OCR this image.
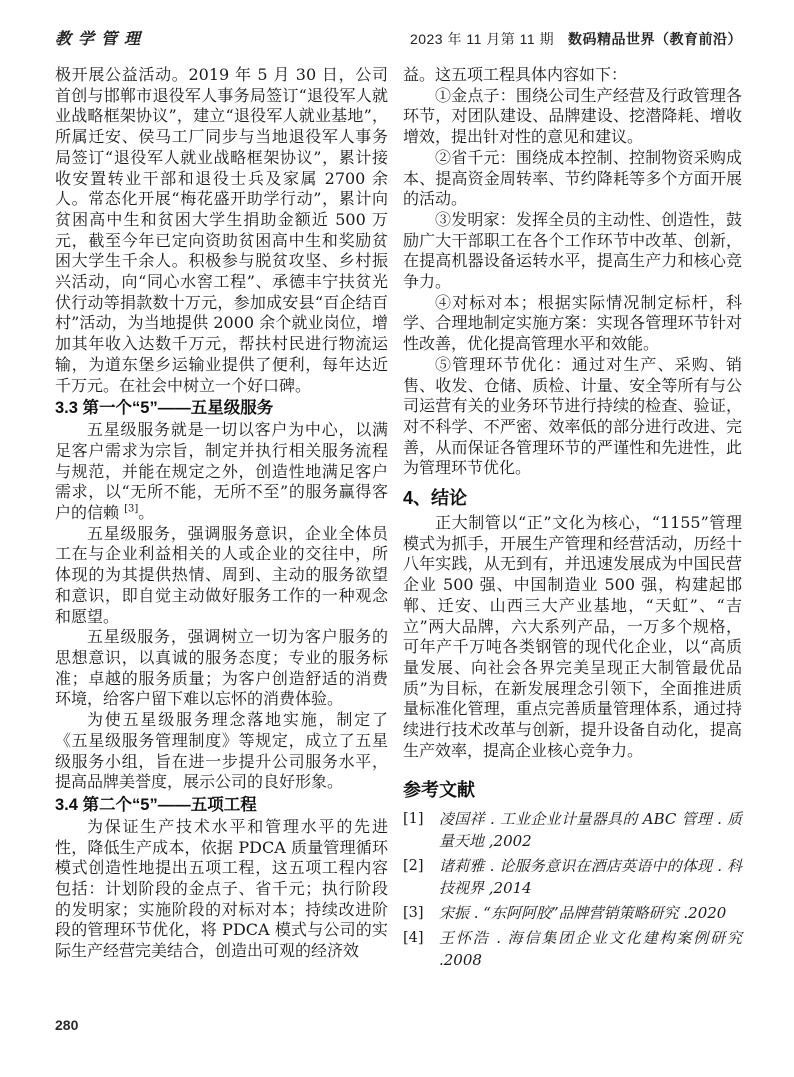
教学管理	2023 年 11 月第 11 期 数码精品世界（教育前沿）

极开展公益活动。2019 年 5 月 30 日，公司首创与邯郸市退役军人事务局签订“退役军人就业战略框架协议”，建立“退役军人就业基地”，所属迁安、侯马工厂同步与当地退役军人事务局签订“退役军人就业战略框架协议”，累计接收安置转业干部和退役士兵及家属 2700 余人。常态化开展“梅花盛开助学行动”，累计向贫困高中生和贫困大学生捐助金额近 500 万元，截至今年已定向资助贫困高中生和奖励贫困大学生千余人。积极参与脱贫攻坚、乡村振兴活动，向“同心水窖工程”、承德丰宁扶贫光伏行动等捐款数十万元，参加成安县“百企结百村”活动，为当地提供 2000 余个就业岗位，增加其年收入达数千万元，帮扶村民进行物流运输，为道东堡乡运输业提供了便利，每年达近千万元。在社会中树立一个好口碑。

3.3 第一个“5”——五星级服务

五星级服务就是一切以客户为中心，以满足客户需求为宗旨，制定并执行相关服务流程与规范，并能在规定之外，创造性地满足客户需求，以“无所不能，无所不至”的服务赢得客户的信赖 [3]。

五星级服务，强调服务意识，企业全体员工在与企业利益相关的人或企业的交往中，所体现的为其提供热情、周到、主动的服务欲望和意识，即自觉主动做好服务工作的一种观念和愿望。

五星级服务，强调树立一切为客户服务的思想意识，以真诚的服务态度；专业的服务标准；卓越的服务质量；为客户创造舒适的消费环境，给客户留下难以忘怀的消费体验。

为使五星级服务理念落地实施，制定了《五星级服务管理制度》等规定，成立了五星级服务小组，旨在进一步提升公司服务水平，提高品牌美誉度，展示公司的良好形象。

3.4 第二个“5”——五项工程

为保证生产技术水平和管理水平的先进性，降低生产成本，依据 PDCA 质量管理循环模式创造性地提出五项工程，这五项工程内容包括：计划阶段的金点子、省千元；执行阶段的发明家；实施阶段的对标对本；持续改进阶段的管理环节优化，将 PDCA 模式与公司的实际生产经营完美结合，创造出可观的经济效

益。这五项工程具体内容如下：

①金点子：围绕公司生产经营及行政管理各环节，对团队建设、品牌建设、挖潜降耗、增收增效，提出针对性的意见和建议。

②省千元：围绕成本控制、控制物资采购成本、提高资金周转率、节约降耗等多个方面开展的活动。

③发明家：发挥全员的主动性、创造性，鼓励广大干部职工在各个工作环节中改革、创新，在提高机器设备运转水平，提高生产力和核心竞争力。

④对标对本；根据实际情况制定标杆，科学、合理地制定实施方案：实现各管理环节针对性改善，优化提高管理水平和效能。

⑤管理环节优化：通过对生产、采购、销售、收发、仓储、质检、计量、安全等所有与公司运营有关的业务环节进行持续的检查、验证，对不科学、不严密、效率低的部分进行改进、完善，从而保证各管理环节的严谨性和先进性，此为管理环节优化。

4、结论

正大制管以“正”文化为核心，“1155”管理模式为抓手，开展生产管理和经营活动，历经十八年实践，从无到有，并迅速发展成为中国民营企业 500 强、中国制造业 500 强，构建起邯郸、迁安、山西三大产业基地，“天虹”、“吉立”两大品牌，六大系列产品，一万多个规格，可年产千万吨各类钢管的现代化企业，以“高质量发展、向社会各界完美呈现正大制管最优品质”为目标，在新发展理念引领下，全面推进质量标准化管理，重点完善质量管理体系，通过持续进行技术改革与创新，提升设备自动化，提高生产效率，提高企业核心竞争力。

参考文献
[1]	凌国祥 . 工业企业计量器具的 ABC 管理 . 质量天地 ,2002
[2]	诸莉雅 . 论服务意识在酒店英语中的体现 . 科技视界 ,2014
[3]	宋振 . “东阿阿胶”品牌营销策略研究 .2020
[4]	王怀浩 . 海信集团企业文化建构案例研究 .2008
280
